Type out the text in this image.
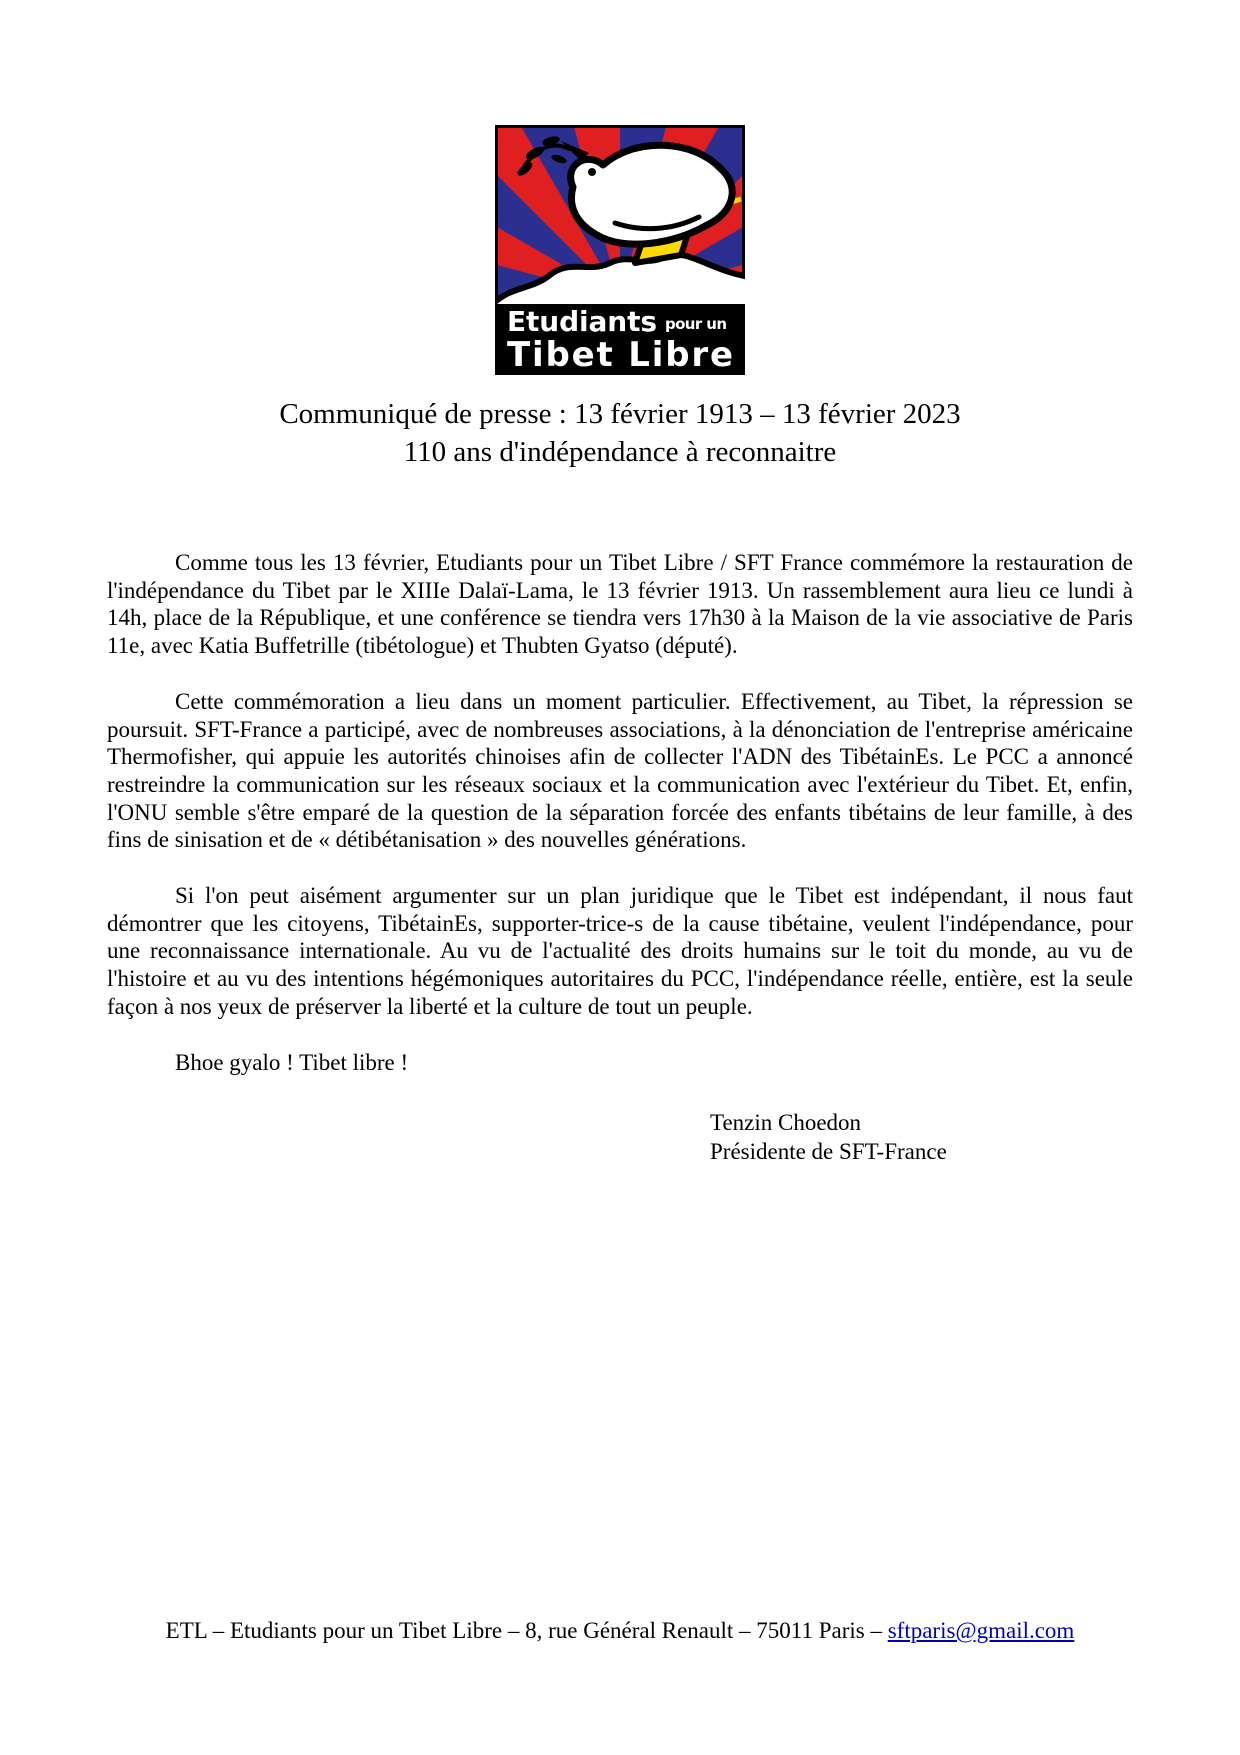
Etudiants pour un
Tibet Libre
Communiqué de presse : 13 février 1913 – 13 février 2023
110 ans d'indépendance à reconnaitre

Comme tous les 13 février, Etudiants pour un Tibet Libre / SFT France commémore la restauration de l'indépendance du Tibet par le XIIIe Dalaï-Lama, le 13 février 1913. Un rassemblement aura lieu ce lundi à 14h, place de la République, et une conférence se tiendra vers 17h30 à la Maison de la vie associative de Paris 11e, avec Katia Buffetrille (tibétologue) et Thubten Gyatso (député).

Cette commémoration a lieu dans un moment particulier. Effectivement, au Tibet, la répression se poursuit. SFT-France a participé, avec de nombreuses associations, à la dénonciation de l'entreprise américaine Thermofisher, qui appuie les autorités chinoises afin de collecter l'ADN des TibétainEs. Le PCC a annoncé restreindre la communication sur les réseaux sociaux et la communication avec l'extérieur du Tibet. Et, enfin, l'ONU semble s'être emparé de la question de la séparation forcée des enfants tibétains de leur famille, à des fins de sinisation et de « détibétanisation » des nouvelles générations.

Si l'on peut aisément argumenter sur un plan juridique que le Tibet est indépendant, il nous faut démontrer que les citoyens, TibétainEs, supporter-trice-s de la cause tibétaine, veulent l'indépendance, pour une reconnaissance internationale. Au vu de l'actualité des droits humains sur le toit du monde, au vu de l'histoire et au vu des intentions hégémoniques autoritaires du PCC, l'indépendance réelle, entière, est la seule façon à nos yeux de préserver la liberté et la culture de tout un peuple.

Bhoe gyalo ! Tibet libre !

Tenzin Choedon
Présidente de SFT-France
ETL – Etudiants pour un Tibet Libre – 8, rue Général Renault – 75011 Paris – sftparis@gmail.com
